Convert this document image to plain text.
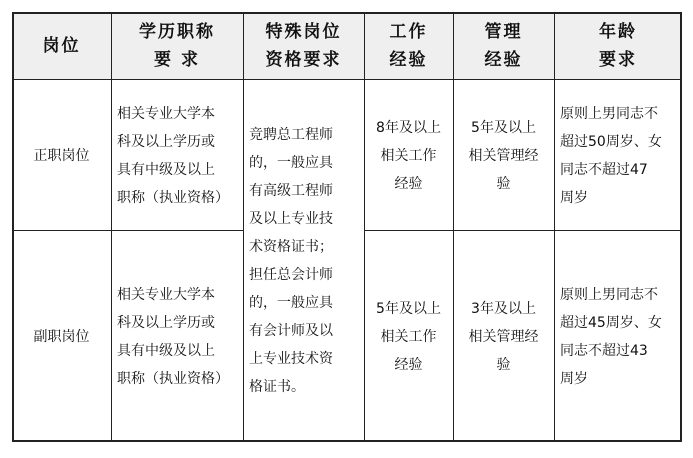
岗位
学历职称
要 求
特殊岗位
资格要求
工作
经验
管理
经验
年龄
要求
正职岗位
相关专业大学本
科及以上学历或
具有中级及以上
职称（执业资格）
8年及以上
相关工作
经验
5年及以上
相关管理经
验
原则上男同志不
超过50周岁、女
同志不超过47
周岁
竞聘总工程师
的，一般应具
有高级工程师
及以上专业技
术资格证书；
担任总会计师
的，一般应具
有会计师及以
上专业技术资
格证书。
副职岗位
相关专业大学本
科及以上学历或
具有中级及以上
职称（执业资格）
5年及以上
相关工作
经验
3年及以上
相关管理经
验
原则上男同志不
超过45周岁、女
同志不超过43
周岁
